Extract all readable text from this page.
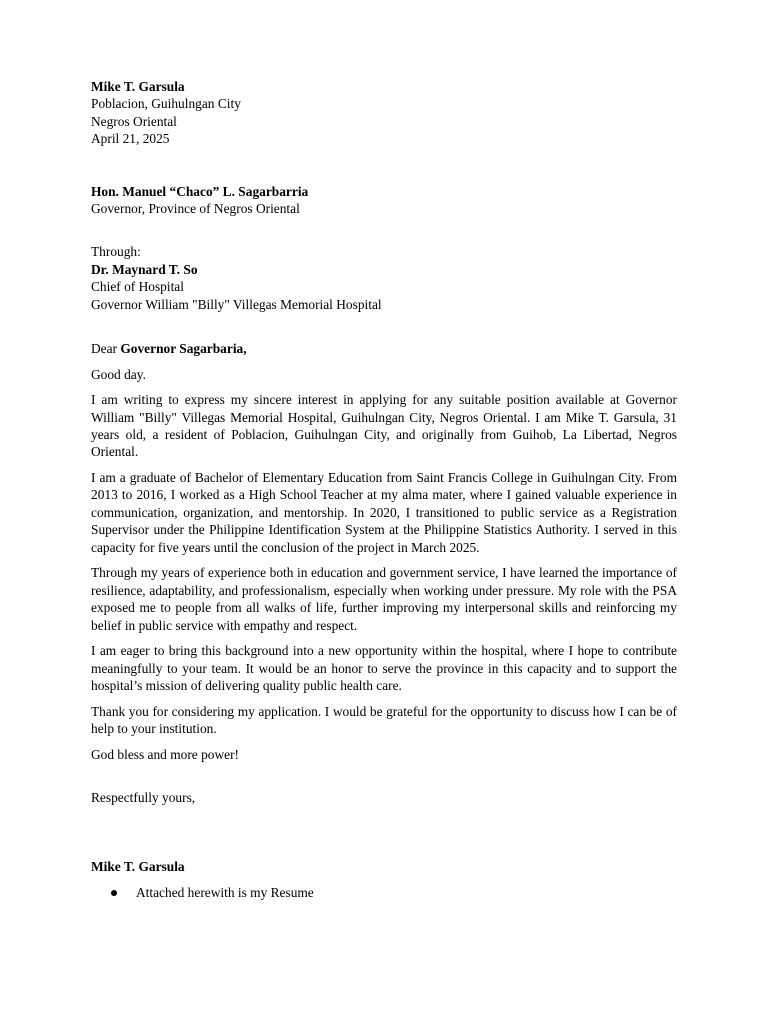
Mike T. Garsula
Poblacion, Guihulngan City
Negros Oriental
April 21, 2025
Hon. Manuel “Chaco” L. Sagarbarria
Governor, Province of Negros Oriental
Through:
Dr. Maynard T. So
Chief of Hospital
Governor William "Billy" Villegas Memorial Hospital
Dear Governor Sagarbaria,

Good day.

I am writing to express my sincere interest in applying for any suitable position available at Governor William "Billy" Villegas Memorial Hospital, Guihulngan City, Negros Oriental. I am Mike T. Garsula, 31 years old, a resident of Poblacion, Guihulngan City, and originally from Guihob, La Libertad, Negros Oriental.

I am a graduate of Bachelor of Elementary Education from Saint Francis College in Guihulngan City. From 2013 to 2016, I worked as a High School Teacher at my alma mater, where I gained valuable experience in communication, organization, and mentorship. In 2020, I transitioned to public service as a Registration Supervisor under the Philippine Identification System at the Philippine Statistics Authority. I served in this capacity for five years until the conclusion of the project in March 2025.

Through my years of experience both in education and government service, I have learned the importance of resilience, adaptability, and professionalism, especially when working under pressure. My role with the PSA exposed me to people from all walks of life, further improving my interpersonal skills and reinforcing my belief in public service with empathy and respect.

I am eager to bring this background into a new opportunity within the hospital, where I hope to contribute meaningfully to your team. It would be an honor to serve the province in this capacity and to support the hospital’s mission of delivering quality public health care.

Thank you for considering my application. I would be grateful for the opportunity to discuss how I can be of help to your institution.

God bless and more power!

Respectfully yours,
Mike T. Garsula
Attached herewith is my Resume
